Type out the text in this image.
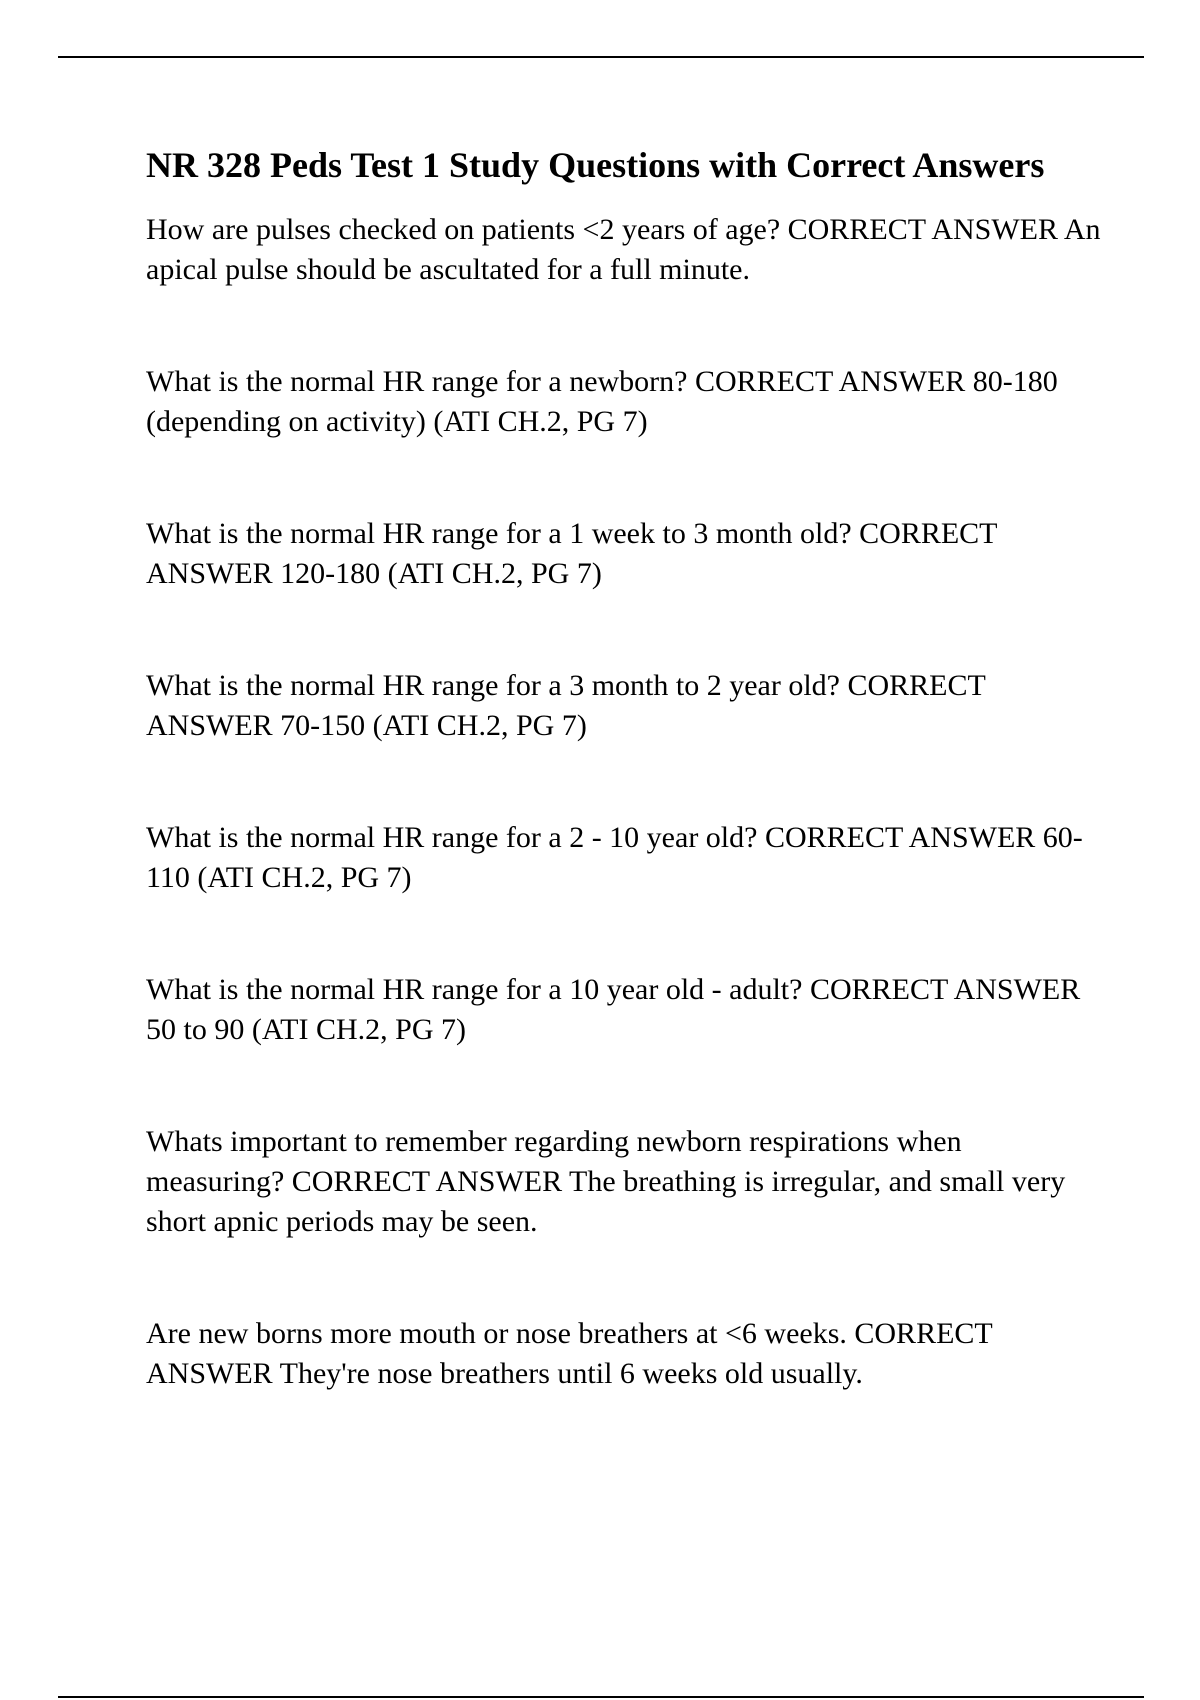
NR 328 Peds Test 1 Study Questions with Correct Answers

How are pulses checked on patients <2 years of age? CORRECT ANSWER An apical pulse should be ascultated for a full minute.

What is the normal HR range for a newborn? CORRECT ANSWER 80-180 (depending on activity) (ATI CH.2, PG 7)

What is the normal HR range for a 1 week to 3 month old? CORRECT ANSWER 120-180 (ATI CH.2, PG 7)

What is the normal HR range for a 3 month to 2 year old? CORRECT ANSWER 70-150 (ATI CH.2, PG 7)

What is the normal HR range for a 2 - 10 year old? CORRECT ANSWER 60-110 (ATI CH.2, PG 7)

What is the normal HR range for a 10 year old - adult? CORRECT ANSWER 50 to 90 (ATI CH.2, PG 7)

Whats important to remember regarding newborn respirations when measuring? CORRECT ANSWER The breathing is irregular, and small very short apnic periods may be seen.

Are new borns more mouth or nose breathers at <6 weeks. CORRECT ANSWER They're nose breathers until 6 weeks old usually.
